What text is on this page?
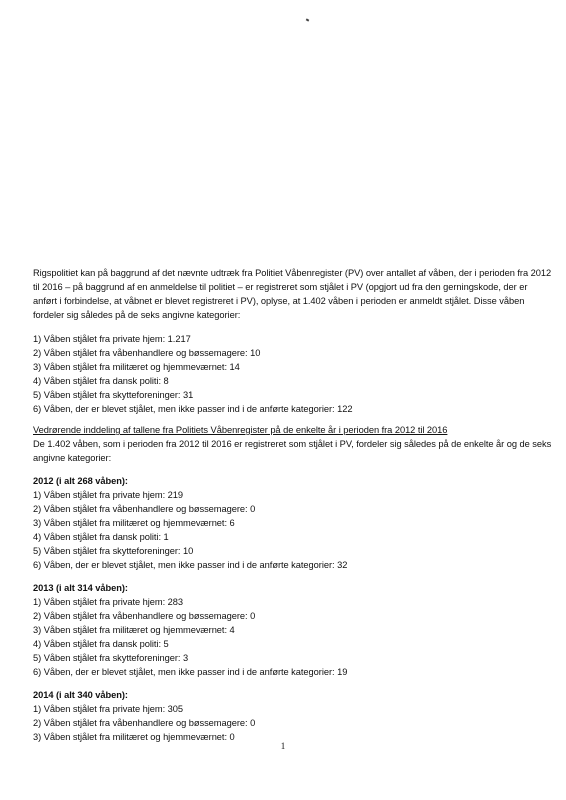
Rigspolitiet kan på baggrund af det nævnte udtræk fra Politiet Våbenregister (PV) over antallet af våben, der i perioden fra 2012 til 2016 – på baggrund af en anmeldelse til politiet – er registreret som stjålet i PV (opgjort ud fra den gerningskode, der er anført i forbindelse, at våbnet er blevet registreret i PV), oplyse, at 1.402 våben i perioden er anmeldt stjålet. Disse våben fordeler sig således på de seks angivne kategorier:

1) Våben stjålet fra private hjem: 1.217

2) Våben stjålet fra våbenhandlere og bøssemagere: 10

3) Våben stjålet fra militæret og hjemmeværnet: 14

4) Våben stjålet fra dansk politi: 8

5) Våben stjålet fra skytteforeninger: 31

6) Våben, der er blevet stjålet, men ikke passer ind i de anførte kategorier: 122

Vedrørende inddeling af tallene fra Politiets Våbenregister på de enkelte år i perioden fra 2012 til 2016

De 1.402 våben, som i perioden fra 2012 til 2016 er registreret som stjålet i PV, fordeler sig således på de enkelte år og de seks angivne kategorier:

2012 (i alt 268 våben):

1) Våben stjålet fra private hjem: 219

2) Våben stjålet fra våbenhandlere og bøssemagere: 0

3) Våben stjålet fra militæret og hjemmeværnet: 6

4) Våben stjålet fra dansk politi: 1

5) Våben stjålet fra skytteforeninger: 10

6) Våben, der er blevet stjålet, men ikke passer ind i de anførte kategorier: 32

2013 (i alt 314 våben):

1) Våben stjålet fra private hjem: 283

2) Våben stjålet fra våbenhandlere og bøssemagere: 0

3) Våben stjålet fra militæret og hjemmeværnet: 4

4) Våben stjålet fra dansk politi: 5

5) Våben stjålet fra skytteforeninger: 3

6) Våben, der er blevet stjålet, men ikke passer ind i de anførte kategorier: 19

2014 (i alt 340 våben):

1) Våben stjålet fra private hjem: 305

2) Våben stjålet fra våbenhandlere og bøssemagere: 0

3) Våben stjålet fra militæret og hjemmeværnet: 0

1
